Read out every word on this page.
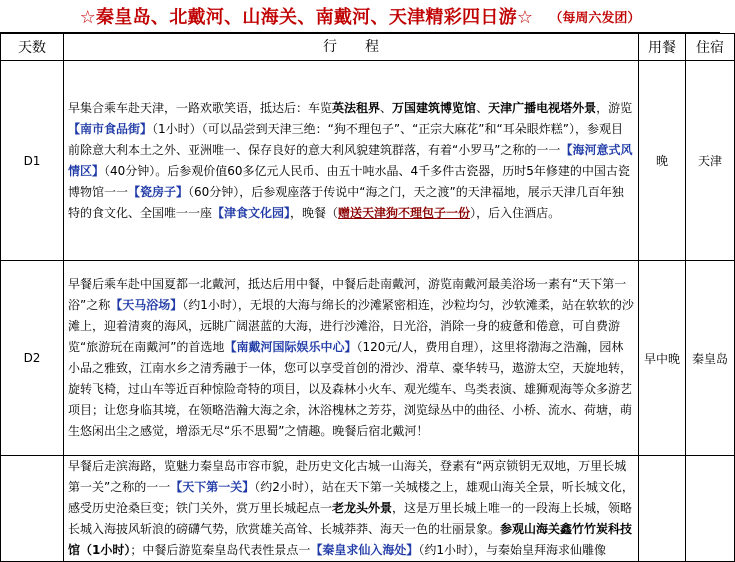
☆秦皇岛、北戴河、山海关、南戴河、天津精彩四日游☆ （每周六发团）
天数	行　　程	用餐	住宿
D1	早集合乘车赴天津，一路欢歌笑语，抵达后：车览英法租界、万国建筑博览馆、天津广播电视塔外景，游览【南市食品街】（1小时）（可以品尝到天津三绝：“狗不理包子”、“正宗大麻花”和“耳朵眼炸糕”），参观目前除意大利本土之外、亚洲唯一、保存良好的意大利风貌建筑群落，有着“小罗马”之称的一一【海河意式风情区】（40分钟）。后参观价值60多亿元人民币、由五十吨水晶、4千多件古瓷器，历时5年修建的中国古瓷博物馆一一【瓷房子】（60分钟），后参观座落于传说中“海之门，天之渡”的天津福地，展示天津几百年独特的食文化、全国唯一一座【津食文化园】，晚餐（赠送天津狗不理包子一份），后入住酒店。	晚	天津
D2	早餐后乘车赴中国夏都一北戴河，抵达后用中餐，中餐后赴南戴河，游览南戴河最美浴场一素有“天下第一浴”之称【天马浴场】（约1小时），无垠的大海与绵长的沙滩紧密相连，沙粒均匀，沙软滩柔，站在软软的沙滩上，迎着清爽的海风，远眺广阔湛蓝的大海，进行沙滩浴，日光浴，消除一身的疲惫和倦意，可自费游览“旅游玩在南戴河”的首选地【南戴河国际娱乐中心】（120元/人，费用自理），这里将渤海之浩瀚，园林小品之雅致，江南水乡之清秀融于一体，您可以享受首创的滑沙、滑草、豪华转马，遨游太空，天旋地转，旋转飞椅，过山车等近百种惊险奇特的项目，以及森林小火车、观光缆车、鸟类表演、雄狮观海等众多游艺项目；让您身临其境，在领略浩瀚大海之余，沐浴槐林之芳芬，浏览绿丛中的曲径、小桥、流水、荷塘，萌生悠闲出尘之感觉，增添无尽“乐不思蜀”之情趣。晚餐后宿北戴河！	早中晚	秦皇岛
	早餐后走滨海路，览魅力秦皇岛市容市貌，赴历史文化古城一山海关，登素有“两京锁钥无双地，万里长城第一关”之称的一一【天下第一关】（约2小时），站在天下第一关城楼之上，雄观山海关全景，听长城文化，感受历史沧桑巨变；铁门关外，赏万里长城起点一老龙头外景，这是万里长城上唯一的一段海上长城，领略长城入海披风斩浪的磅礴气势，欣赏雄关高耸、长城莽莽、海天一色的壮丽景象。参观山海关鑫竹竹炭科技馆（1小时）；中餐后游览秦皇岛代表性景点一【秦皇求仙入海处】（约1小时），与秦始皇拜海求仙雕像		
